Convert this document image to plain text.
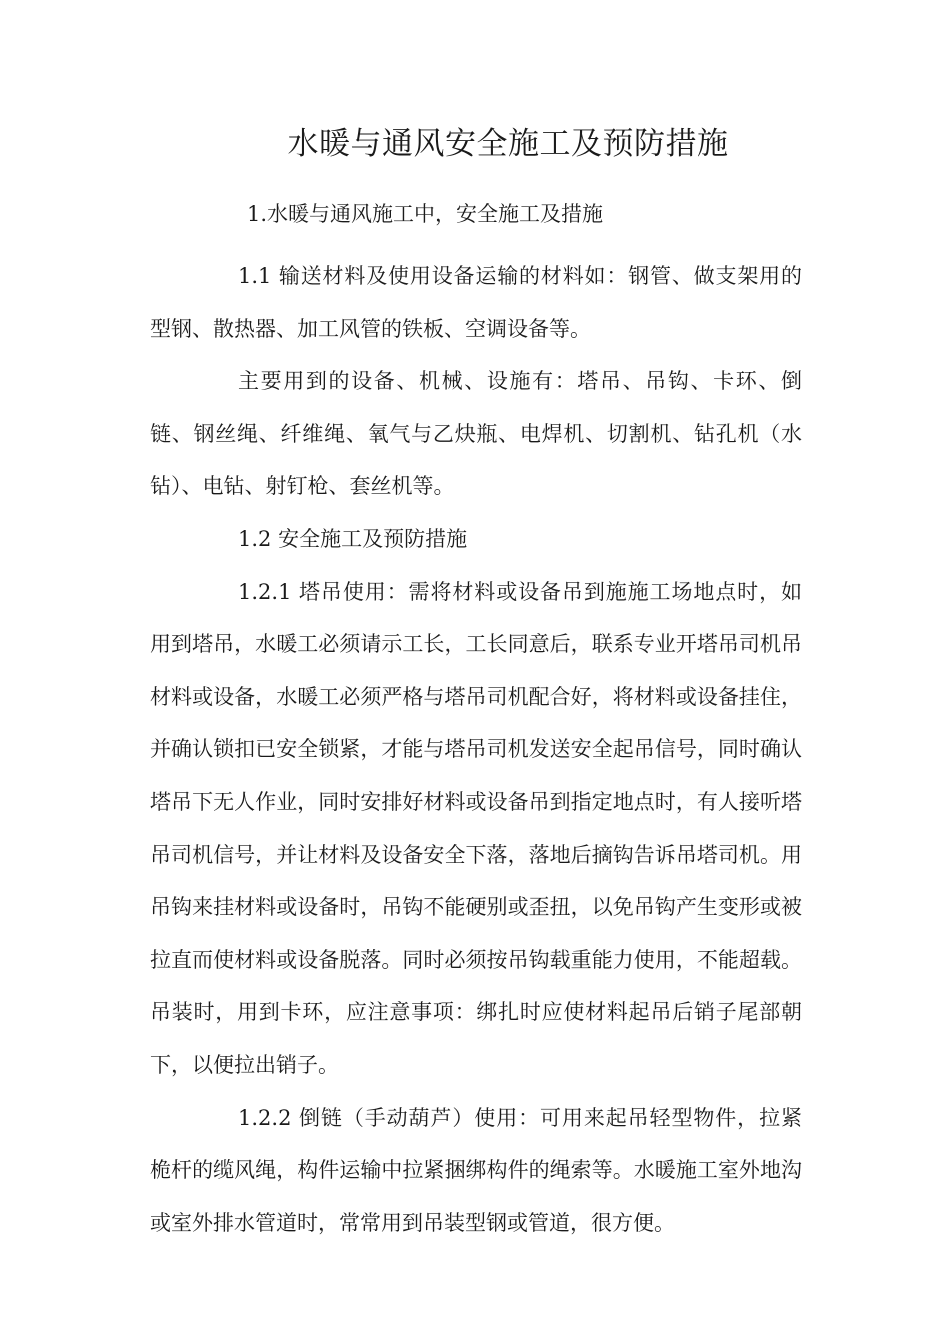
水暖与通风安全施工及预防措施
1.水暖与通风施工中，安全施工及措施

1.1 输送材料及使用设备运输的材料如：钢管、做支架用的型钢、散热器、加工风管的铁板、空调设备等。

主要用到的设备、机械、设施有：塔吊、吊钩、卡环、倒链、钢丝绳、纤维绳、氧气与乙炔瓶、电焊机、切割机、钻孔机（水钻）、电钻、射钉枪、套丝机等。

1.2 安全施工及预防措施

1.2.1 塔吊使用：需将材料或设备吊到施施工场地点时，如用到塔吊，水暖工必须请示工长，工长同意后，联系专业开塔吊司机吊材料或设备，水暖工必须严格与塔吊司机配合好，将材料或设备挂住，并确认锁扣已安全锁紧，才能与塔吊司机发送安全起吊信号，同时确认塔吊下无人作业，同时安排好材料或设备吊到指定地点时，有人接听塔吊司机信号，并让材料及设备安全下落，落地后摘钩告诉吊塔司机。用吊钩来挂材料或设备时，吊钩不能硬别或歪扭，以免吊钩产生变形或被拉直而使材料或设备脱落。同时必须按吊钩载重能力使用，不能超载。吊装时，用到卡环，应注意事项：绑扎时应使材料起吊后销子尾部朝下，以便拉出销子。

1.2.2 倒链（手动葫芦）使用：可用来起吊轻型物件，拉紧桅杆的缆风绳，构件运输中拉紧捆绑构件的绳索等。水暖施工室外地沟或室外排水管道时，常常用到吊装型钢或管道，很方便。
